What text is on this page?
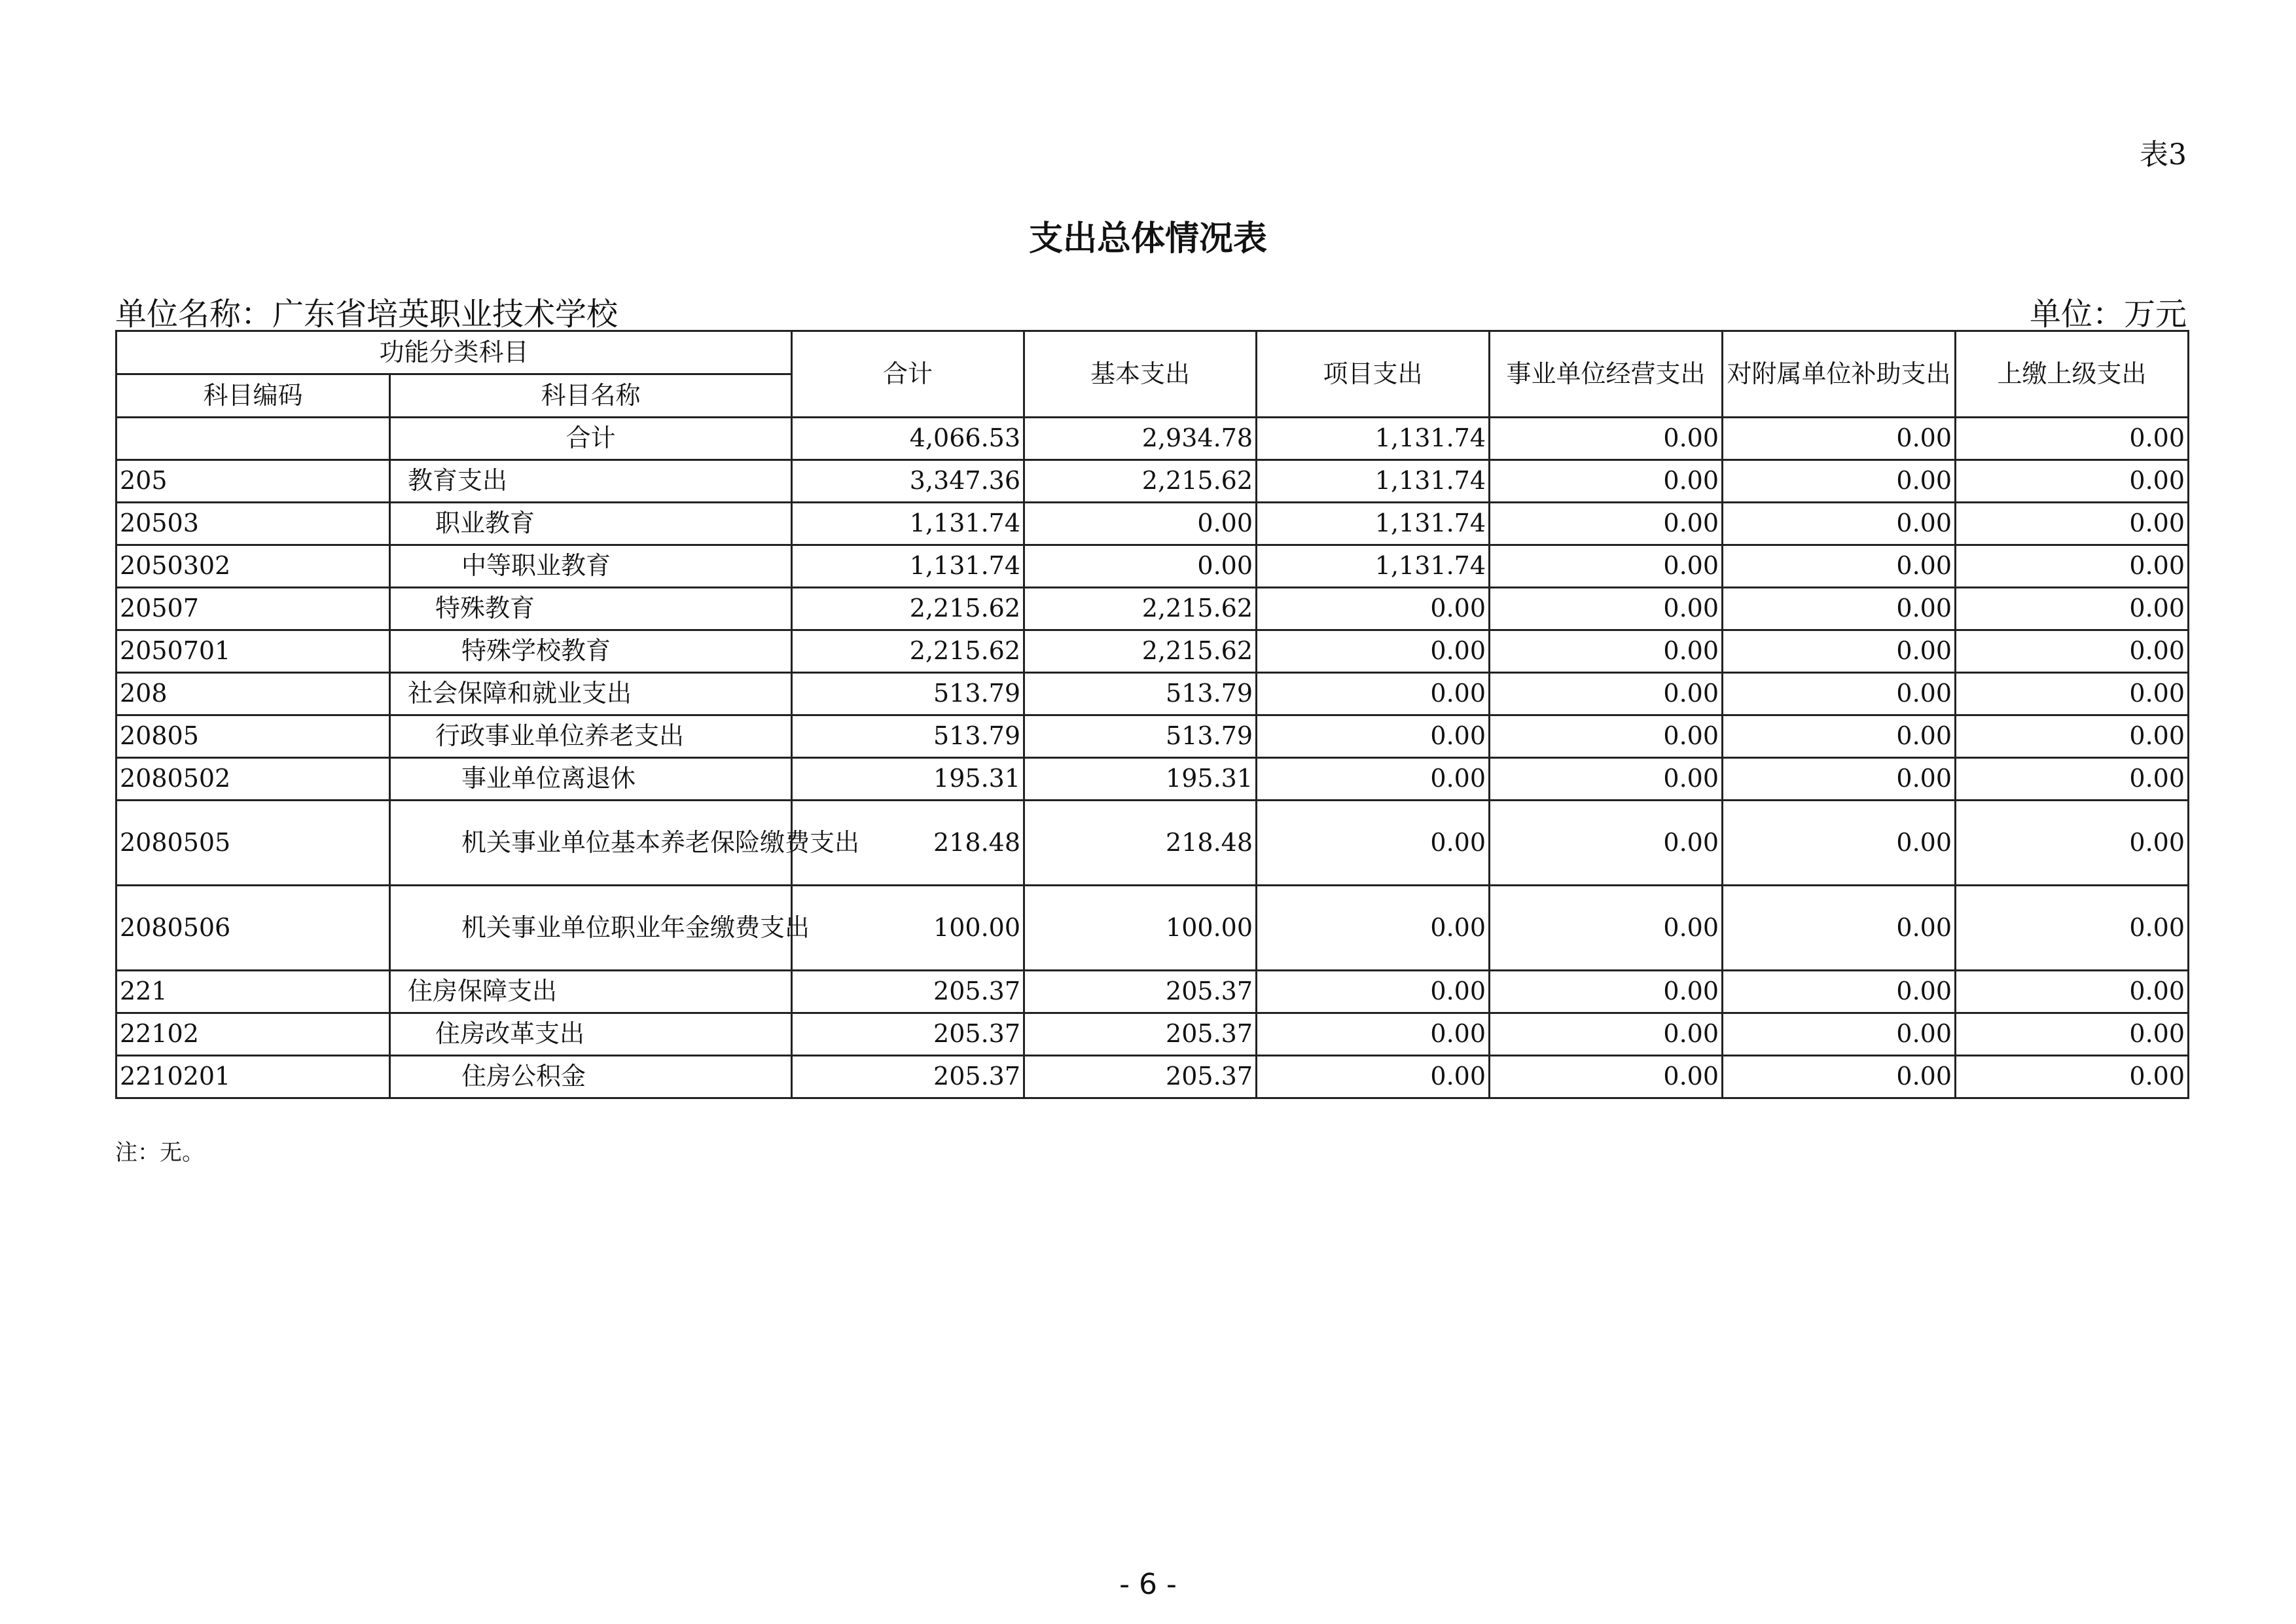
表3
支出总体情况表
单位名称：广东省培英职业技术学校	单位：万元
功能分类科目		合计	基本支出	项目支出	事业单位经营支出	对附属单位补助支出	上缴上级支出
科目编码	科目名称						
	合计	4,066.53	2,934.78	1,131.74	0.00	0.00	0.00
205	教育支出	3,347.36	2,215.62	1,131.74	0.00	0.00	0.00
20503	职业教育	1,131.74	0.00	1,131.74	0.00	0.00	0.00
2050302	中等职业教育	1,131.74	0.00	1,131.74	0.00	0.00	0.00
20507	特殊教育	2,215.62	2,215.62	0.00	0.00	0.00	0.00
2050701	特殊学校教育	2,215.62	2,215.62	0.00	0.00	0.00	0.00
208	社会保障和就业支出	513.79	513.79	0.00	0.00	0.00	0.00
20805	行政事业单位养老支出	513.79	513.79	0.00	0.00	0.00	0.00
2080502	事业单位离退休	195.31	195.31	0.00	0.00	0.00	0.00
2080505	机关事业单位基本养老保险缴费支出	218.48	218.48	0.00	0.00	0.00	0.00
2080506	机关事业单位职业年金缴费支出	100.00	100.00	0.00	0.00	0.00	0.00
221	住房保障支出	205.37	205.37	0.00	0.00	0.00	0.00
22102	住房改革支出	205.37	205.37	0.00	0.00	0.00	0.00
2210201	住房公积金	205.37	205.37	0.00	0.00	0.00	0.00
注：无。
- 6 -
